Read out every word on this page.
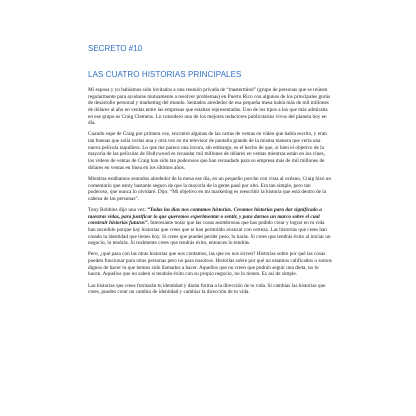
SECRETO #10
LAS CUATRO HISTORIAS PRINCIPALES

Mi esposa y yo habíamos sido invitados a una reunión privada de “mastermind” (grupo de personas que se reúnen regularmente para ayudarse mutuamente a resolver problemas) en Puerto Rico con algunos de los principales gurús de desarrollo personal y marketing del mundo. Sentados alrededor de esa pequeña mesa había más de mil millones de dólares al año en ventas entre las empresas que estaban representadas. Uno de los tipos a los que más admiraba en ese grupo es Craig Clemens. Lo considero uno de los mejores redactores publicitarios vivos del planeta hoy en día.

Cuando supe de Craig por primera vez, encontré algunas de las cartas de ventas en vídeo que había escrito, y eran tan buenas que solía verlas una y otra vez en mi televisor de pantalla grande de la misma manera que vería una nueva película taquillera. Lo que me parece una locura, sin embargo, es el hecho de que, si bien el objetivo de la mayoría de las películas de Hollywood es recaudar mil millones de dólares en ventas mientras están en los cines, los vídeos de ventas de Craig han sido tan poderosos que han recaudado para su empresa más de mil millones de dólares en ventas en línea en los últimos años.

Mientras estábamos sentados alrededor de la mesa ese día, en un pequeño porche con vista al océano, Craig hizo un comentario que estoy bastante seguro de que la mayoría de la gente pasó por alto. Era tan simple, pero tan poderoso, que nunca lo olvidaré. Dijo: “Mi objetivo en mi marketing es reescribir la historia que está dentro de la cabeza de las personas”.

Tony Robbins dijo una vez: “Todas las días nos contamos historias. Creamos historias para dar significado a nuestras vidas, para justificar lo que queremos experimentar o sentir, y para darnos un marco sobre el cual construir historias futuras”. Interesante notar que las cosas asombrosas que has podido crear y lograr en tu vida han sucedido porque hay historias que crees que te han permitido avanzar con certeza. Las historias que crees han creado la identidad que tienes hoy. Si crees que puedes perder peso, lo harás. Si crees que tendrás éxito al iniciar un negocio, lo tendrás. Si realmente crees que tendrás éxito, entonces lo tendrás.

Pero, ¿qué pasa con las otras historias que nos contamos, las que no nos sirven? Historias sobre por qué las cosas pueden funcionar para otras personas pero no para nosotros. Historias sobre por qué no estamos calificados o somos dignos de hacer lo que hemos sido llamados a hacer. Aquellos que no creen que podrán seguir una dieta, no lo hacen. Aquellos que no saben si tendrán éxito con su propio negocio, no lo tienen. Es así de simple.

Las historias que crees formarán tu identidad y darán forma a la dirección de tu vida. Si cambias las historias que crees, puedes crear un cambio de identidad y cambiar la dirección de tu vida.
